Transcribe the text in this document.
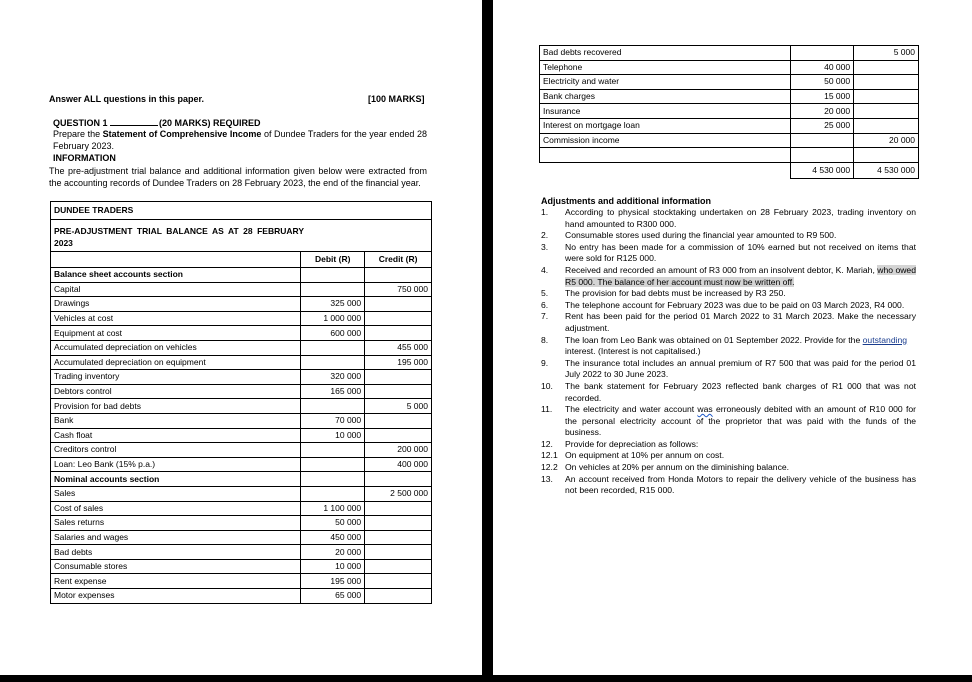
Answer ALL questions in this paper.	[100 MARKS]
QUESTION 1	(20 MARKS) REQUIRED
Prepare the Statement of Comprehensive Income of Dundee Traders for the year ended 28 February 2023.
INFORMATION
The pre-adjustment trial balance and additional information given below were extracted from the accounting records of Dundee Traders on 28 February 2023, the end of the financial year.
DUNDEE TRADERS		

PRE-ADJUSTMENT TRIAL BALANCE AS AT 28 FEBRUARY 2023		

	Debit (R)	Credit (R)
Balance sheet accounts section		
Capital		750 000
Drawings	325 000	
Vehicles at cost	1 000 000	
Equipment at cost	600 000	
Accumulated depreciation on vehicles		455 000
Accumulated depreciation on equipment		195 000
Trading inventory	320 000	
Debtors control	165 000	
Provision for bad debts		5 000
Bank	70 000	
Cash float	10 000	
Creditors control		200 000
Loan: Leo Bank (15% p.a.)		400 000
Nominal accounts section		
Sales		2 500 000
Cost of sales	1 100 000	
Sales returns	50 000	
Salaries and wages	450 000	
Bad debts	20 000	
Consumable stores	10 000	
Rent expense	195 000	
Motor expenses	65 000	
Bad debts recovered		5 000
Telephone	40 000	
Electricity and water	50 000	
Bank charges	15 000	
Insurance	20 000	
Interest on mortgage loan	25 000	
Commission income		20 000

	4 530 000	4 530 000
Adjustments and additional information
1.	According to physical stocktaking undertaken on 28 February 2023, trading inventory on hand amounted to R300 000.
2.	Consumable stores used during the financial year amounted to R9 500.
3.	No entry has been made for a commission of 10% earned but not received on items that were sold for R125 000.
4.	Received and recorded an amount of R3 000 from an insolvent debtor, K. Mariah, who owed R5 000. The balance of her account must now be written off.
5.	The provision for bad debts must be increased by R3 250.
6.	The telephone account for February 2023 was due to be paid on 03 March 2023, R4 000.
7.	Rent has been paid for the period 01 March 2022 to 31 March 2023. Make the necessary adjustment.
8.	The loan from Leo Bank was obtained on 01 September 2022. Provide for the outstanding
interest. (Interest is not capitalised.)
9.	The insurance total includes an annual premium of R7 500 that was paid for the period 01 July 2022 to 30 June 2023.
10.	The bank statement for February 2023 reflected bank charges of R1 000 that was not recorded.
11.	The electricity and water account was erroneously debited with an amount of R10 000 for the personal electricity account of the proprietor that was paid with the funds of the business.
12.	Provide for depreciation as follows:
12.1 On equipment at 10% per annum on cost.
12.2 On vehicles at 20% per annum on the diminishing balance.
13.	An account received from Honda Motors to repair the delivery vehicle of the business has not been recorded, R15 000.
